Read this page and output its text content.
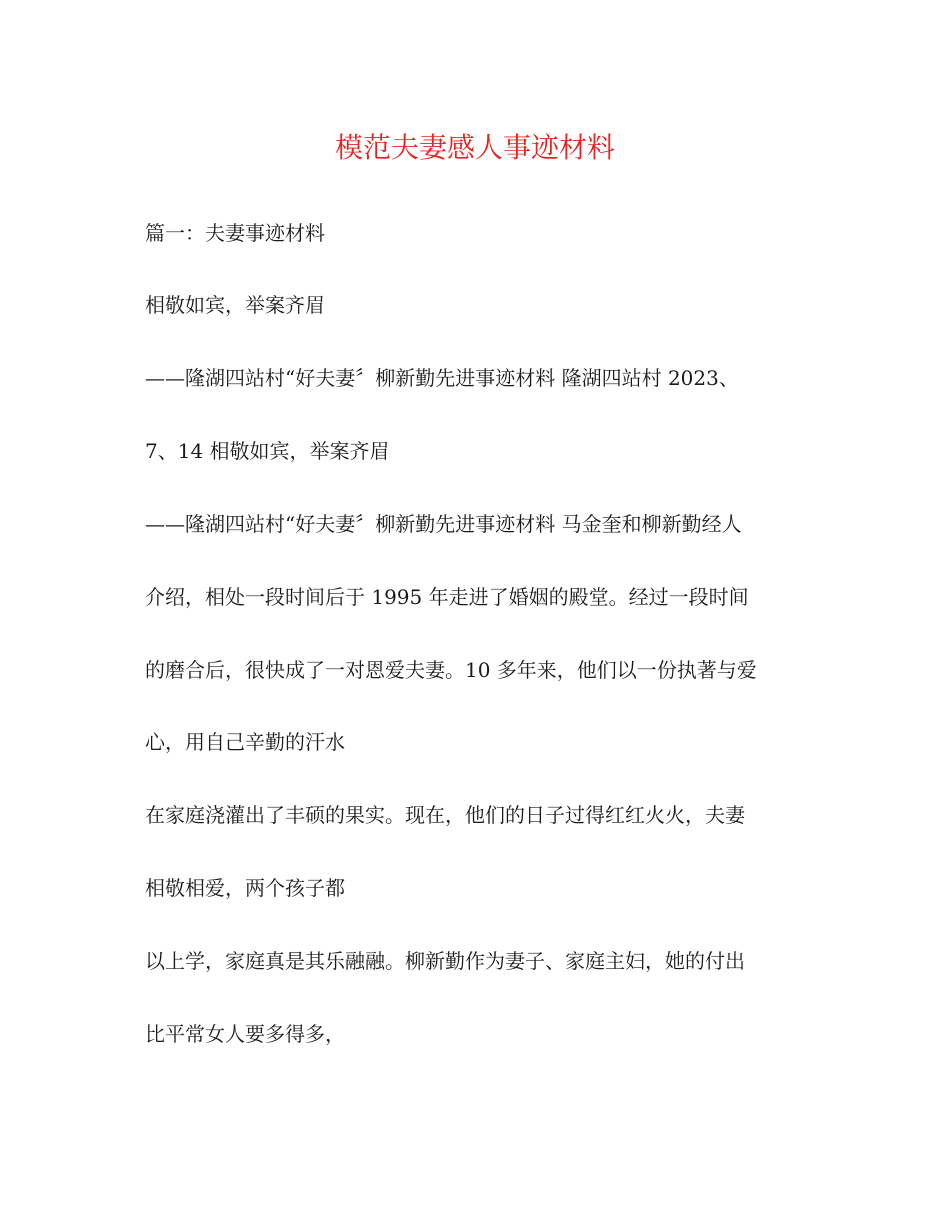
模范夫妻感人事迹材料
篇一：夫妻事迹材料
相敬如宾，举案齐眉
——隆湖四站村“好夫妻〞柳新勤先进事迹材料 隆湖四站村 2023、
7、14 相敬如宾，举案齐眉
——隆湖四站村“好夫妻〞柳新勤先进事迹材料 马金奎和柳新勤经人
介绍，相处一段时间后于 1995 年走进了婚姻的殿堂。经过一段时间
的磨合后，很快成了一对恩爱夫妻。10 多年来，他们以一份执著与爱
心，用自己辛勤的汗水
在家庭浇灌出了丰硕的果实。现在，他们的日子过得红红火火，夫妻
相敬相爱，两个孩子都
以上学，家庭真是其乐融融。柳新勤作为妻子、家庭主妇，她的付出
比平常女人要多得多，
